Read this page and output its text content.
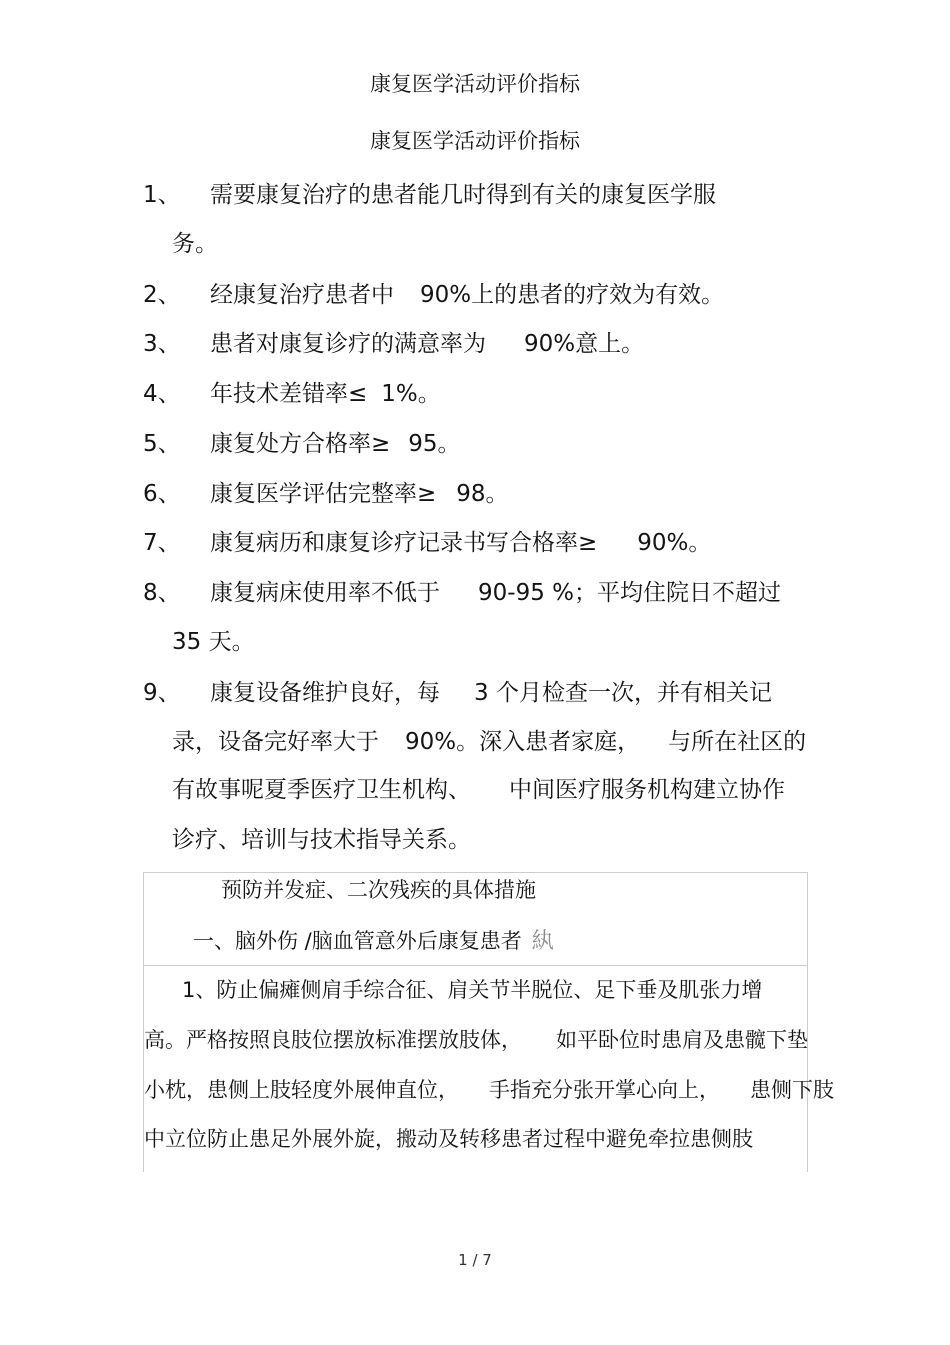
康复医学活动评价指标
康复医学活动评价指标
1、 需要康复治疗的患者能几时得到有关的康复医学服
务。
2、 经康复治疗患者中 90%上的患者的疗效为有效。
3、 患者对康复诊疗的满意率为 90%意上。
4、 年技术差错率≤ 1%。
5、 康复处方合格率≥ 95。
6、 康复医学评估完整率≥ 98。
7、 康复病历和康复诊疗记录书写合格率≥ 90%。
8、 康复病床使用率不低于 90-95 %；平均住院日不超过
35 天。
9、 康复设备维护良好，每 3 个月检查一次，并有相关记
录，设备完好率大于 90%。深入患者家庭， 与所在社区的
有故事呢夏季医疗卫生机构、 中间医疗服务机构建立协作
诊疗、培训与技术指导关系。
预防并发症、二次残疾的具体措施
一、脑外伤 /脑血管意外后康复患者 紈
1、防止偏瘫侧肩手综合征、肩关节半脱位、足下垂及肌张力增
高。严格按照良肢位摆放标准摆放肢体， 如平卧位时患肩及患髋下垫
小枕，患侧上肢轻度外展伸直位， 手指充分张开掌心向上， 患侧下肢
中立位防止患足外展外旋，搬动及转移患者过程中避免牵拉患侧肢
1 / 7
